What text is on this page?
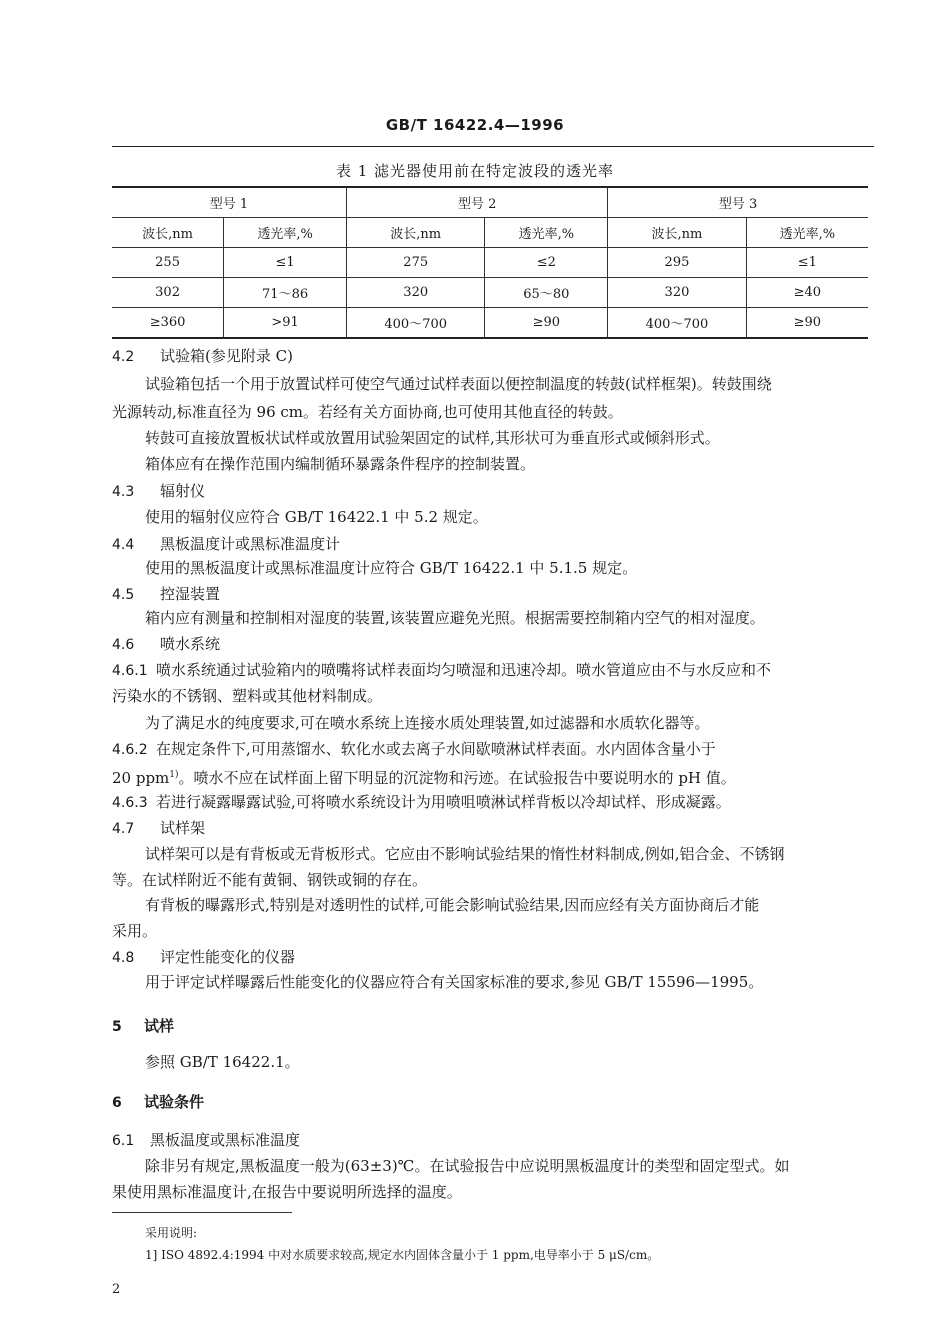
GB/T 16422.4—1996
表 1 滤光器使用前在特定波段的透光率
型号 1		型号 2		型号 3	
波长,nm	透光率,%	波长,nm	透光率,%	波长,nm	透光率,%
255	≤1	275	≤2	295	≤1
302	71～86	320	65～80	320	≥40
≥360	>91	400～700	≥90	400～700	≥90
4.2 试验箱(参见附录 C)
试验箱包括一个用于放置试样可使空气通过试样表面以便控制温度的转鼓(试样框架)。转鼓围绕
光源转动,标准直径为 96 cm。若经有关方面协商,也可使用其他直径的转鼓。
转鼓可直接放置板状试样或放置用试验架固定的试样,其形状可为垂直形式或倾斜形式。
箱体应有在操作范围内编制循环暴露条件程序的控制装置。
4.3 辐射仪
使用的辐射仪应符合 GB/T 16422.1 中 5.2 规定。
4.4 黑板温度计或黑标准温度计
使用的黑板温度计或黑标准温度计应符合 GB/T 16422.1 中 5.1.5 规定。
4.5 控湿装置
箱内应有测量和控制相对湿度的装置,该装置应避免光照。根据需要控制箱内空气的相对湿度。
4.6 喷水系统
4.6.1 喷水系统通过试验箱内的喷嘴将试样表面均匀喷湿和迅速冷却。喷水管道应由不与水反应和不
污染水的不锈钢、塑料或其他材料制成。
为了满足水的纯度要求,可在喷水系统上连接水质处理装置,如过滤器和水质软化器等。
4.6.2 在规定条件下,可用蒸馏水、软化水或去离子水间歇喷淋试样表面。水内固体含量小于
20 ppm$^{1)}$。喷水不应在试样面上留下明显的沉淀物和污迹。在试验报告中要说明水的 pH 值。
4.6.3 若进行凝露曝露试验,可将喷水系统设计为用喷咀喷淋试样背板以冷却试样、形成凝露。
4.7 试样架
试样架可以是有背板或无背板形式。它应由不影响试验结果的惰性材料制成,例如,铝合金、不锈钢
等。在试样附近不能有黄铜、钢铁或铜的存在。
有背板的曝露形式,特别是对透明性的试样,可能会影响试验结果,因而应经有关方面协商后才能
采用。
4.8 评定性能变化的仪器
用于评定试样曝露后性能变化的仪器应符合有关国家标准的要求,参见 GB/T 15596—1995。
5 试样
参照 GB/T 16422.1。
6 试验条件
6.1 黑板温度或黑标准温度
除非另有规定,黑板温度一般为(63±3)℃。在试验报告中应说明黑板温度计的类型和固定型式。如
果使用黑标准温度计,在报告中要说明所选择的温度。
采用说明:
1] ISO 4892.4:1994 中对水质要求较高,规定水内固体含量小于 1 ppm,电导率小于 5 μS/cm。
2
